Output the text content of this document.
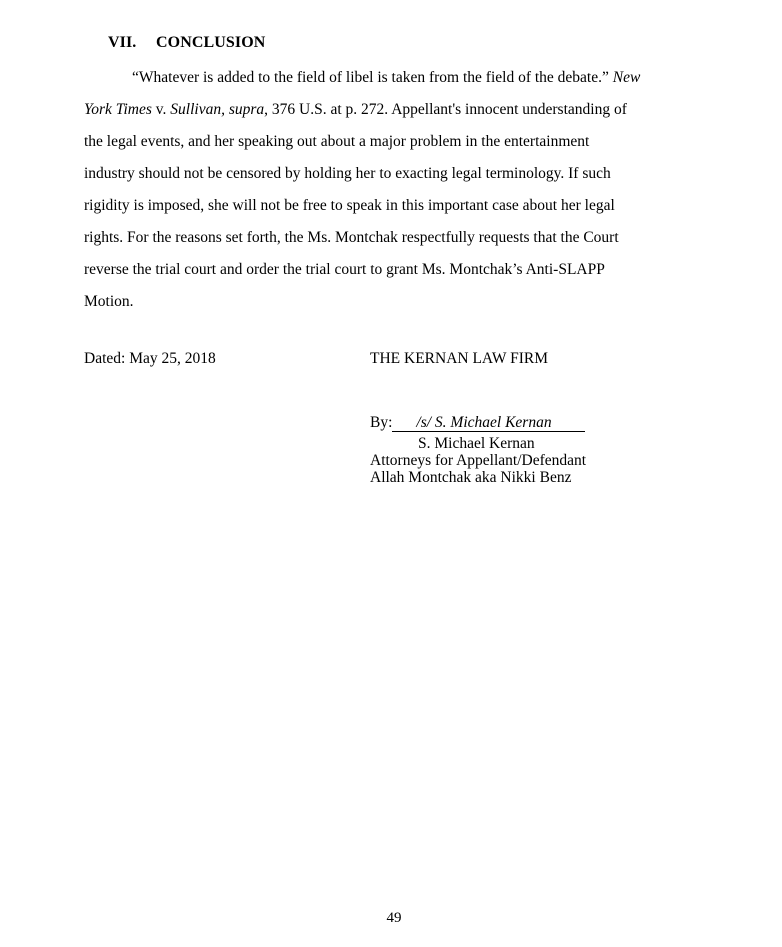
VII. CONCLUSION
“Whatever is added to the field of libel is taken from the field of the debate.” New
York Times v. Sullivan, supra, 376 U.S. at p. 272. Appellant's innocent understanding of
the legal events, and her speaking out about a major problem in the entertainment
industry should not be censored by holding her to exacting legal terminology. If such
rigidity is imposed, she will not be free to speak in this important case about her legal
rights. For the reasons set forth, the Ms. Montchak respectfully requests that the Court
reverse the trial court and order the trial court to grant Ms. Montchak’s Anti-SLAPP
Motion.
Dated: May 25, 2018	THE KERNAN LAW FIRM
By: /s/ S. Michael Kernan
S. Michael Kernan
Attorneys for Appellant/Defendant
Allah Montchak aka Nikki Benz
49
